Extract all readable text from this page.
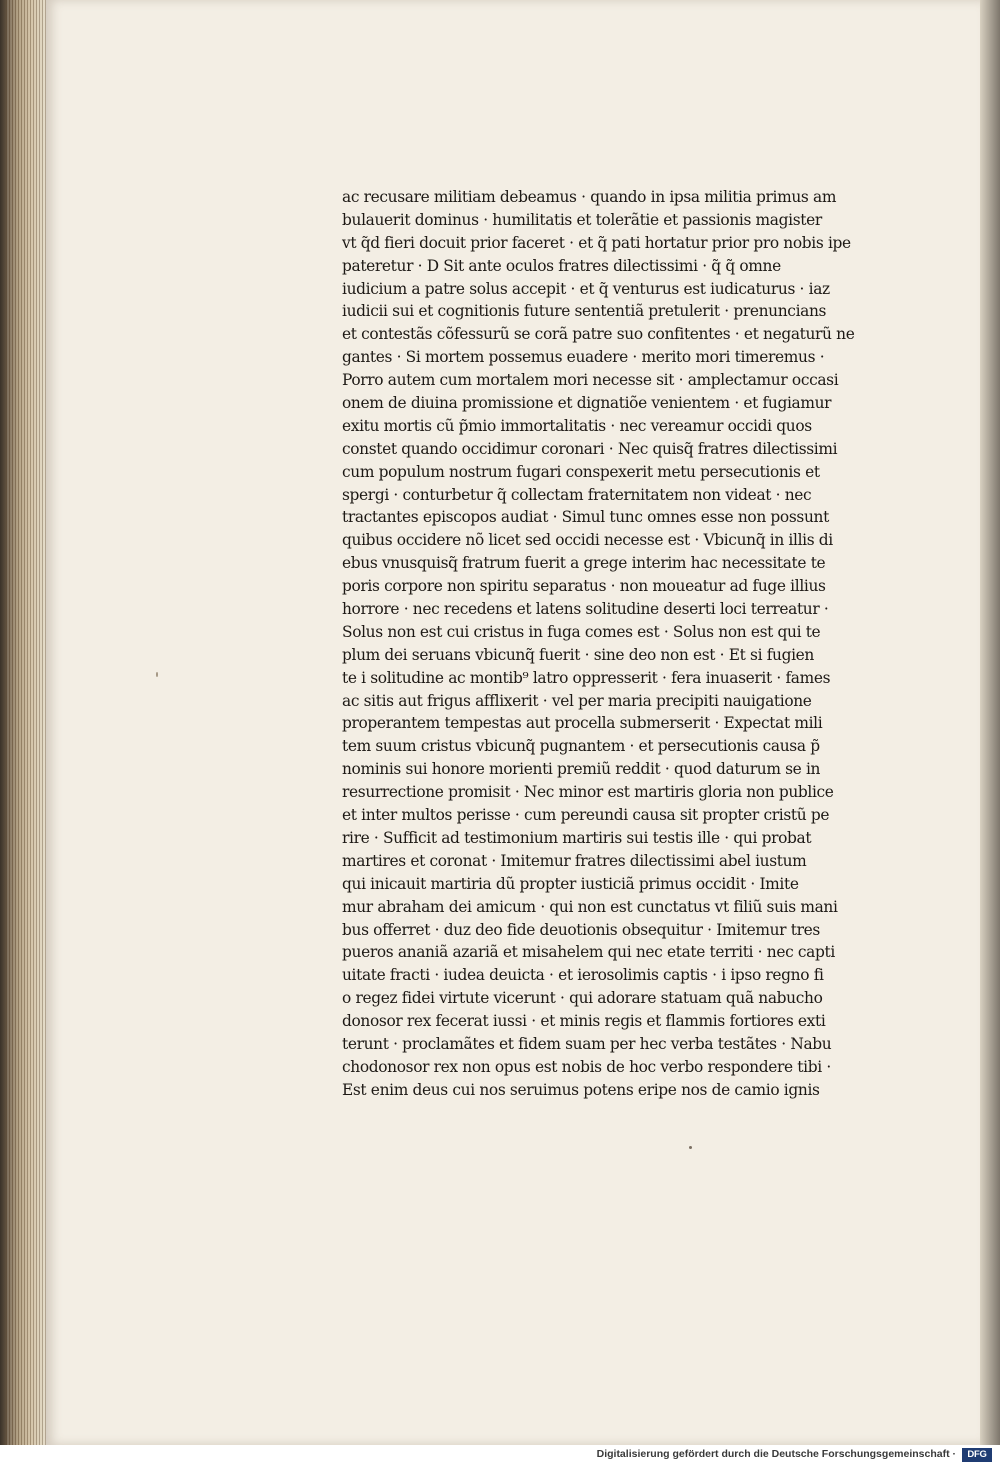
ac recusare militiam debeamus · quando in ipsa militia primus am

bulauerit dominus · humilitatis et tolerãtie et passionis magister

vt q̃d fieri docuit prior faceret · et q̃ pati hortatur prior pro nobis ipe

pateretur · D Sit ante oculos fratres dilectissimi · q̃ q̃ omne

iudicium a patre solus accepit · et q̃ venturus est iudicaturus · iaz

iudicii sui et cognitionis future sententiã pretulerit · prenuncians

et contestãs cõfessurũ se corã patre suo confitentes · et negaturũ ne

gantes · Si mortem possemus euadere · merito mori timeremus ·

Porro autem cum mortalem mori necesse sit · amplectamur occasi

onem de diuina promissione et dignatiõe venientem · et fugiamur

exitu mortis cũ p̃mio immortalitatis · nec vereamur occidi quos

constet quando occidimur coronari · Nec quisq̃ fratres dilectissimi

cum populum nostrum fugari conspexerit metu persecutionis et

spergi · conturbetur q̃ collectam fraternitatem non videat · nec

tractantes episcopos audiat · Simul tunc omnes esse non possunt

quibus occidere nõ licet sed occidi necesse est · Vbicunq̃ in illis di

ebus vnusquisq̃ fratrum fuerit a grege interim hac necessitate te

poris corpore non spiritu separatus · non moueatur ad fuge illius

horrore · nec recedens et latens solitudine deserti loci terreatur ·

Solus non est cui cristus in fuga comes est · Solus non est qui te

plum dei seruans vbicunq̃ fuerit · sine deo non est · Et si fugien

te i solitudine ac montib⁹ latro oppresserit · fera inuaserit · fames

ac sitis aut frigus afflixerit · vel per maria precipiti nauigatione

properantem tempestas aut procella submerserit · Expectat mili

tem suum cristus vbicunq̃ pugnantem · et persecutionis causa p̃

nominis sui honore morienti premiũ reddit · quod daturum se in

resurrectione promisit · Nec minor est martiris gloria non publice

et inter multos perisse · cum pereundi causa sit propter cristũ pe

rire · Sufficit ad testimonium martiris sui testis ille · qui probat

martires et coronat · Imitemur fratres dilectissimi abel iustum

qui inicauit martiria dũ propter iusticiã primus occidit · Imite

mur abraham dei amicum · qui non est cunctatus vt filiũ suis mani

bus offerret · duz deo fide deuotionis obsequitur · Imitemur tres

pueros ananiã azariã et misahelem qui nec etate territi · nec capti

uitate fracti · iudea deuicta · et ierosolimis captis · i ipso regno fi

o regez fidei virtute vicerunt · qui adorare statuam quã nabucho

donosor rex fecerat iussi · et minis regis et flammis fortiores exti

terunt · proclamãtes et fidem suam per hec verba testãtes · Nabu

chodonosor rex non opus est nobis de hoc verbo respondere tibi ·

Est enim deus cui nos seruimus potens eripe nos de camio ignis

Digitalisierung gefördert durch die Deutsche Forschungsgemeinschaft ·	DFG
